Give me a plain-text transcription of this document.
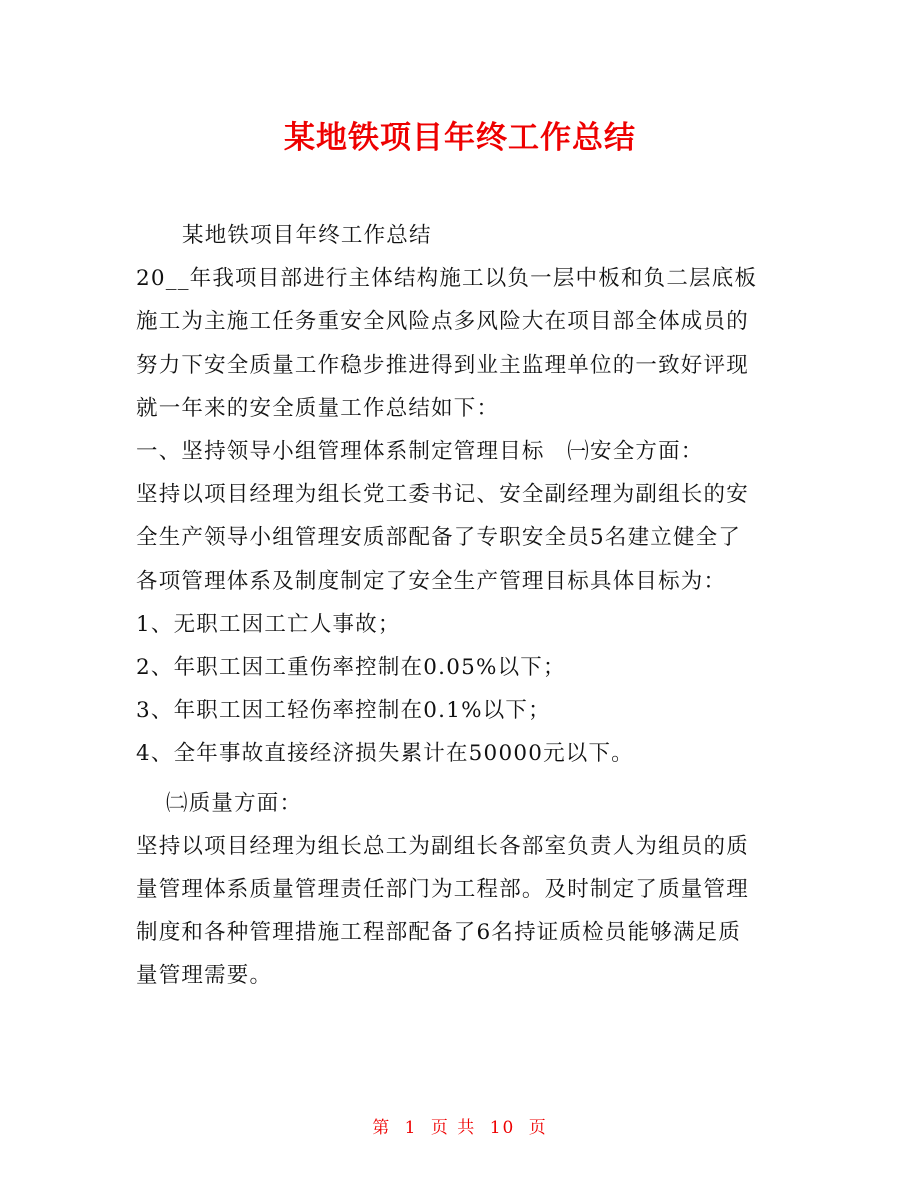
某地铁项目年终工作总结
某地铁项目年终工作总结
20__年我项目部进行主体结构施工以负一层中板和负二层底板
施工为主施工任务重安全风险点多风险大在项目部全体成员的
努力下安全质量工作稳步推进得到业主监理单位的一致好评现
就一年来的安全质量工作总结如下：
一、坚持领导小组管理体系制定管理目标　㈠安全方面：
坚持以项目经理为组长党工委书记、安全副经理为副组长的安
全生产领导小组管理安质部配备了专职安全员5名建立健全了
各项管理体系及制度制定了安全生产管理目标具体目标为：
1、无职工因工亡人事故；
2、年职工因工重伤率控制在0.05%以下；
3、年职工因工轻伤率控制在0.1%以下；
4、全年事故直接经济损失累计在50000元以下。
㈡质量方面：
坚持以项目经理为组长总工为副组长各部室负责人为组员的质
量管理体系质量管理责任部门为工程部。及时制定了质量管理
制度和各种管理措施工程部配备了6名持证质检员能够满足质
量管理需要。
第 1 页 共 10 页
